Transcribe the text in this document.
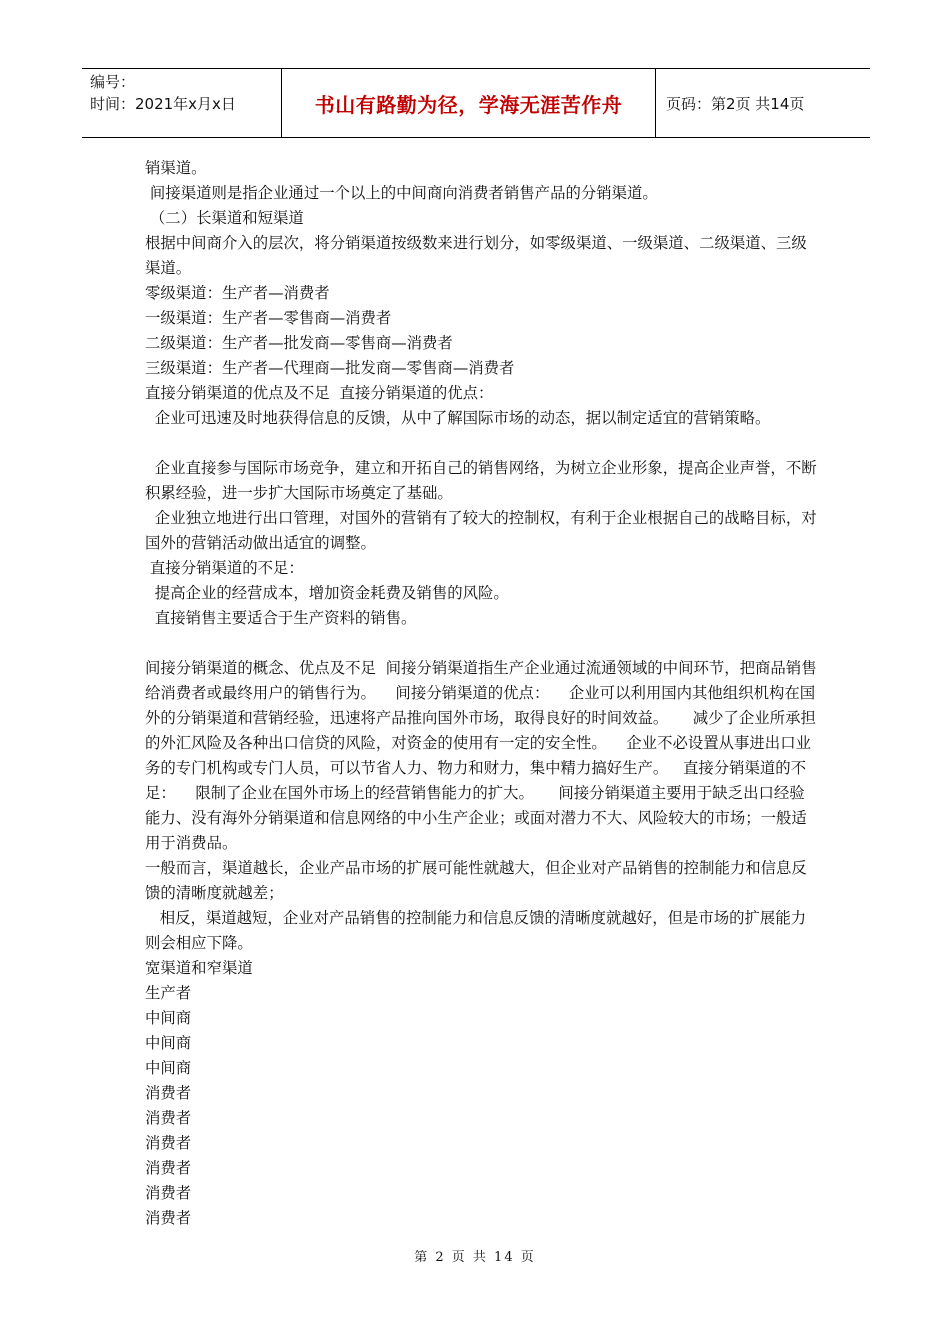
编号：
时间：2021年x月x日	书山有路勤为径，学海无涯苦作舟	页码：第2页 共14页

销渠道。

间接渠道则是指企业通过一个以上的中间商向消费者销售产品的分销渠道。

（二）长渠道和短渠道

根据中间商介入的层次，将分销渠道按级数来进行划分，如零级渠道、一级渠道、二级渠道、三级渠道。

零级渠道：生产者—消费者

一级渠道：生产者—零售商—消费者

二级渠道：生产者—批发商—零售商—消费者

三级渠道：生产者—代理商—批发商—零售商—消费者

直接分销渠道的优点及不足  直接分销渠道的优点：

企业可迅速及时地获得信息的反馈，从中了解国际市场的动态，据以制定适宜的营销策略。

企业直接参与国际市场竞争，建立和开拓自己的销售网络，为树立企业形象，提高企业声誉，不断积累经验，进一步扩大国际市场奠定了基础。

企业独立地进行出口管理，对国外的营销有了较大的控制权，有利于企业根据自己的战略目标，对国外的营销活动做出适宜的调整。

直接分销渠道的不足：

提高企业的经营成本，增加资金耗费及销售的风险。

直接销售主要适合于生产资料的销售。

间接分销渠道的概念、优点及不足  间接分销渠道指生产企业通过流通领域的中间环节，把商品销售给消费者或最终用户的销售行为。    间接分销渠道的优点：    企业可以利用国内其他组织机构在国外的分销渠道和营销经验，迅速将产品推向国外市场，取得良好的时间效益。     减少了企业所承担的外汇风险及各种出口信贷的风险，对资金的使用有一定的安全性。    企业不必设置从事进出口业务的专门机构或专门人员，可以节省人力、物力和财力，集中精力搞好生产。   直接分销渠道的不足：    限制了企业在国外市场上的经营销售能力的扩大。     间接分销渠道主要用于缺乏出口经验能力、没有海外分销渠道和信息网络的中小生产企业；或面对潜力不大、风险较大的市场；一般适用于消费品。

一般而言，渠道越长，企业产品市场的扩展可能性就越大，但企业对产品销售的控制能力和信息反馈的清晰度就越差；

相反，渠道越短，企业对产品销售的控制能力和信息反馈的清晰度就越好，但是市场的扩展能力则会相应下降。

宽渠道和窄渠道

生产者

中间商

中间商

中间商

消费者

消费者

消费者

消费者

消费者

消费者

第 2 页 共 14 页
